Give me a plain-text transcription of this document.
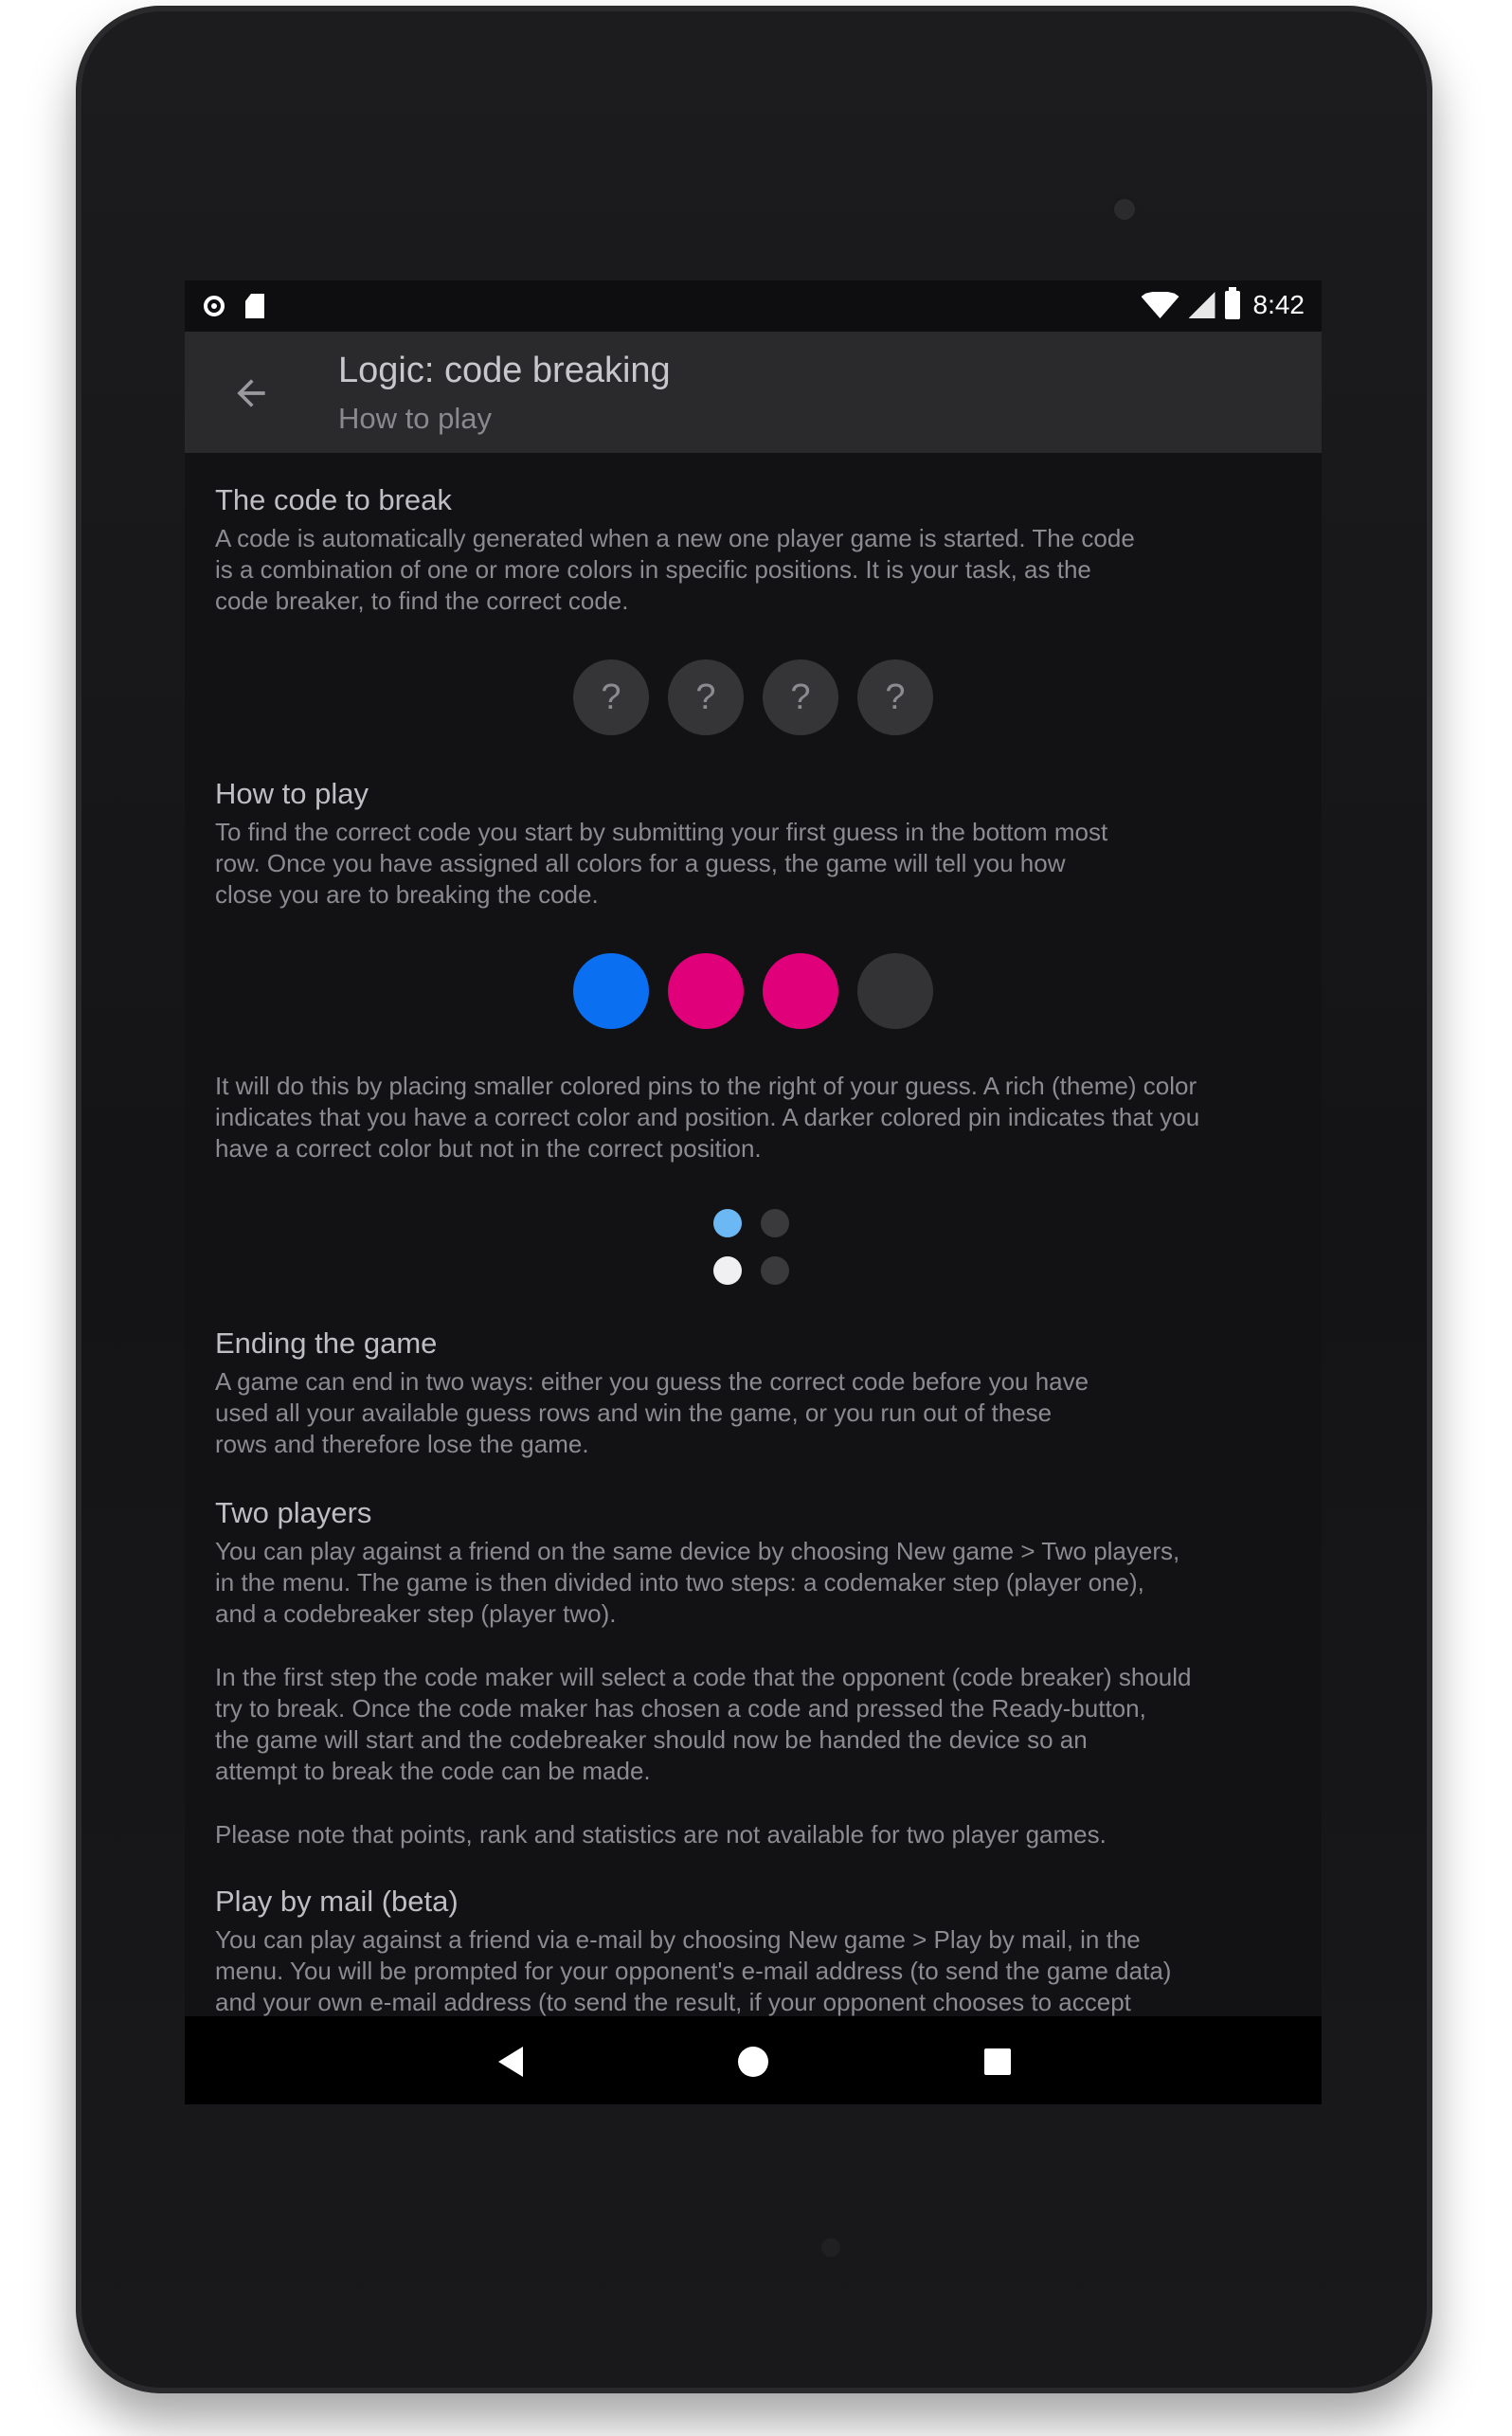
8:42
Logic: code breaking
How to play
The code to break
A code is automatically generated when a new one player game is started. The code
is a combination of one or more colors in specific positions. It is your task, as the
code breaker, to find the correct code.
?	?	?	?
How to play
To find the correct code you start by submitting your first guess in the bottom most
row. Once you have assigned all colors for a guess, the game will tell you how
close you are to breaking the code.
It will do this by placing smaller colored pins to the right of your guess. A rich (theme) color
indicates that you have a correct color and position. A darker colored pin indicates that you
have a correct color but not in the correct position.
Ending the game
A game can end in two ways: either you guess the correct code before you have
used all your available guess rows and win the game, or you run out of these
rows and therefore lose the game.
Two players
You can play against a friend on the same device by choosing New game > Two players,
in the menu. The game is then divided into two steps: a codemaker step (player one),
and a codebreaker step (player two).
In the first step the code maker will select a code that the opponent (code breaker) should
try to break. Once the code maker has chosen a code and pressed the Ready-button,
the game will start and the codebreaker should now be handed the device so an
attempt to break the code can be made.
Please note that points, rank and statistics are not available for two player games.
Play by mail (beta)
You can play against a friend via e-mail by choosing New game > Play by mail, in the
menu. You will be prompted for your opponent's e-mail address (to send the game data)
and your own e-mail address (to send the result, if your opponent chooses to accept
